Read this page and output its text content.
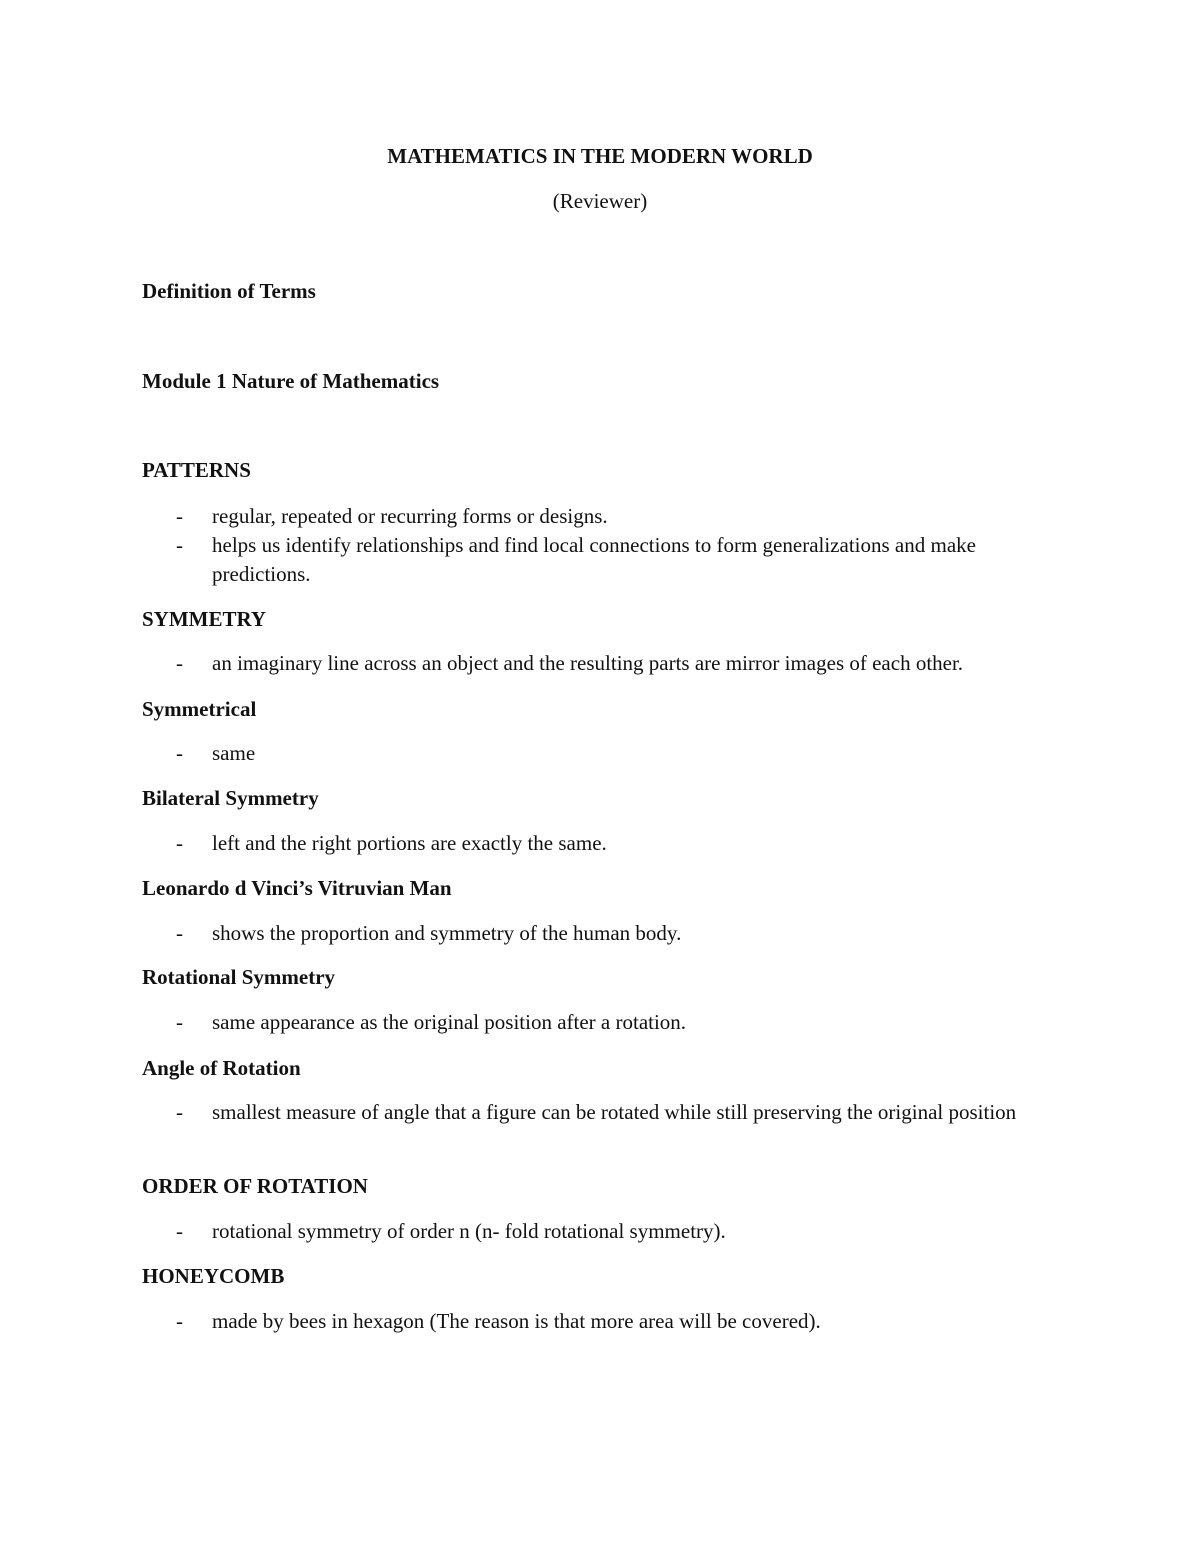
MATHEMATICS IN THE MODERN WORLD
(Reviewer)
Definition of Terms
Module 1 Nature of Mathematics
PATTERNS
- regular, repeated or recurring forms or designs.
- helps us identify relationships and find local connections to form generalizations and make predictions.
SYMMETRY
- an imaginary line across an object and the resulting parts are mirror images of each other.
Symmetrical
- same
Bilateral Symmetry
- left and the right portions are exactly the same.
Leonardo d Vinci’s Vitruvian Man
- shows the proportion and symmetry of the human body.
Rotational Symmetry
- same appearance as the original position after a rotation.
Angle of Rotation
- smallest measure of angle that a figure can be rotated while still preserving the original position
ORDER OF ROTATION
- rotational symmetry of order n (n- fold rotational symmetry).
HONEYCOMB
- made by bees in hexagon (The reason is that more area will be covered).
